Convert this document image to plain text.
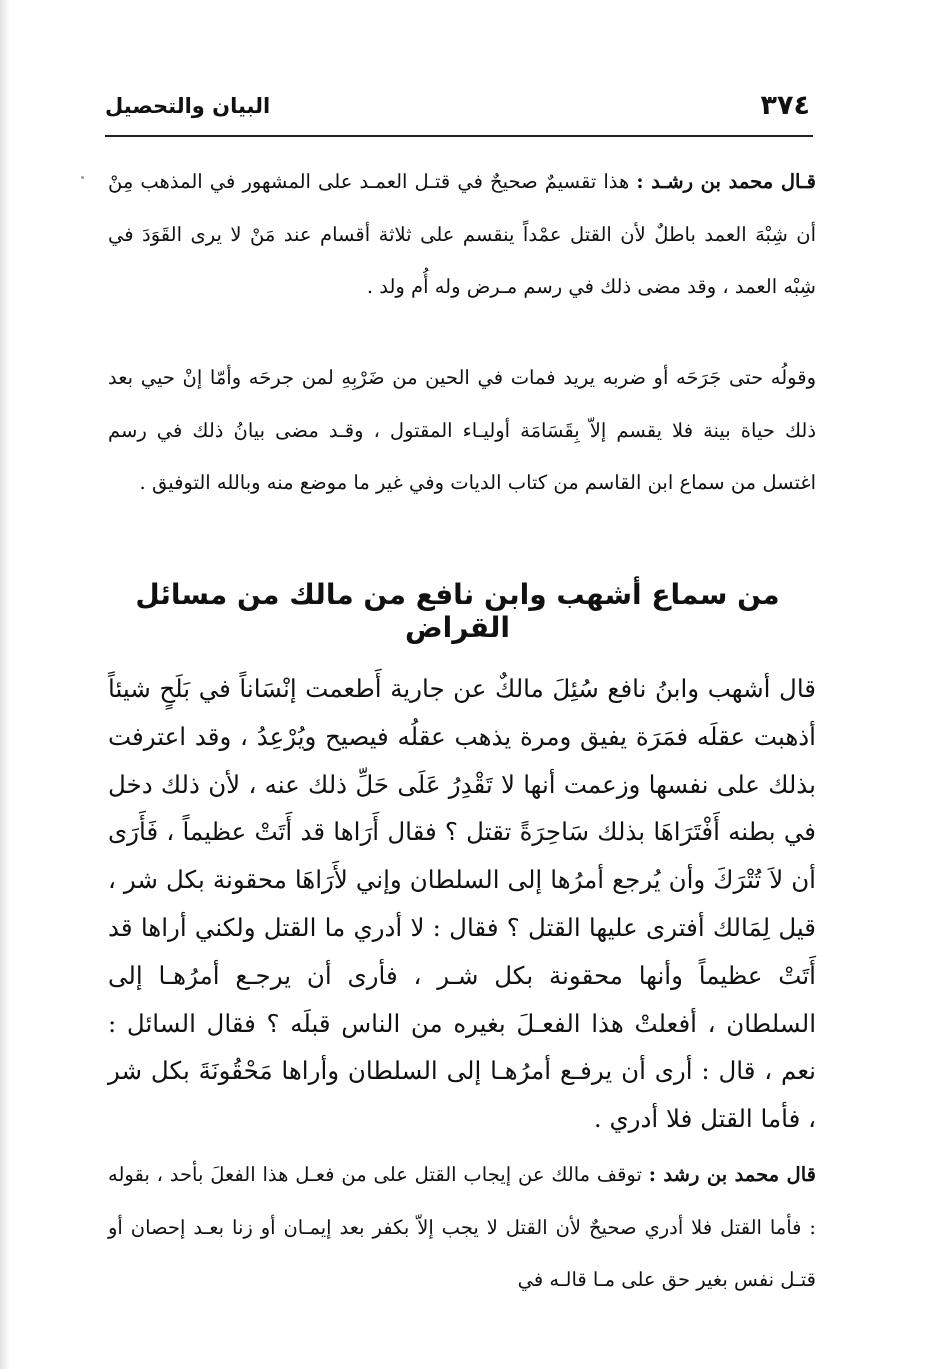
٣٧٤
البيان والتحصيل

قـال محمد بن رشـد : هذا تقسيمٌ صحيحٌ في قتـل العمـد على المشهور في المذهب مِنْ أن شِبْهَ العمد باطلٌ لأن القتل عمْداً ينقسم على ثلاثة أقسام عند مَنْ لا يرى القَوَدَ في شِبْه العمد ، وقد مضى ذلك في رسم مـرض وله أُم ولد .

وقولُه حتى جَرَحَه أو ضربه يريد فمات في الحين من ضَرْبِهِ لمن جرحَه وأمّا إنْ حيي بعد ذلك حياة بينة فلا يقسم إلاّ بِقَسَامَة أوليـاء المقتول ، وقـد مضى بيانُ ذلك في رسم اغتسل من سماع ابن القاسم من كتاب الديات وفي غير ما موضع منه وبالله التوفيق .

من سماع أشهب وابن نافع من مالك من مسائل القراض

قال أشهب وابنُ نافع سُئِلَ مالكٌ عن جارية أَطعمت إنْسَاناً في بَلَحٍ شيئاً أذهبت عقلَه فمَرَة يفيق ومرة يذهب عقلُه فيصيح ويُرْعِدُ ، وقد اعترفت بذلك على نفسها وزعمت أنها لا تَقْدِرُ عَلَى حَلِّ ذلك عنه ، لأن ذلك دخل في بطنه أَفْتَرَاهَا بذلك سَاحِرَةً تقتل ؟ فقال أَرَاها قد أَتَتْ عظيماً ، فَأَرَى أن لاَ تُتْرَكَ وأن يُرجع أمرُها إلى السلطان وإني لأَرَاهَا محقونة بكل شر ، قيل لِمَالك أفترى عليها القتل ؟ فقال : لا أدري ما القتل ولكني أراها قد أَتَتْ عظيماً وأنها محقونة بكل شـر ، فأرى أن يرجـع أمرُهـا إلى السلطان ، أفعلتْ هذا الفعـلَ بغيره من الناس قبلَه ؟ فقال السائل : نعم ، قال : أرى أن يرفـع أمرُهـا إلى السلطان وأراها مَحْقُونَةَ بكل شر ، فأما القتل فلا أدري .

قال محمد بن رشد : توقف مالك عن إيجاب القتل على من فعـل هذا الفعلَ بأحد ، بقوله : فأما القتل فلا أدري صحيحٌ لأن القتل لا يجب إلاّ بكفر بعد إيمـان أو زنا بعـد إحصان أو قتـل نفس بغير حق على مـا قالـه في
